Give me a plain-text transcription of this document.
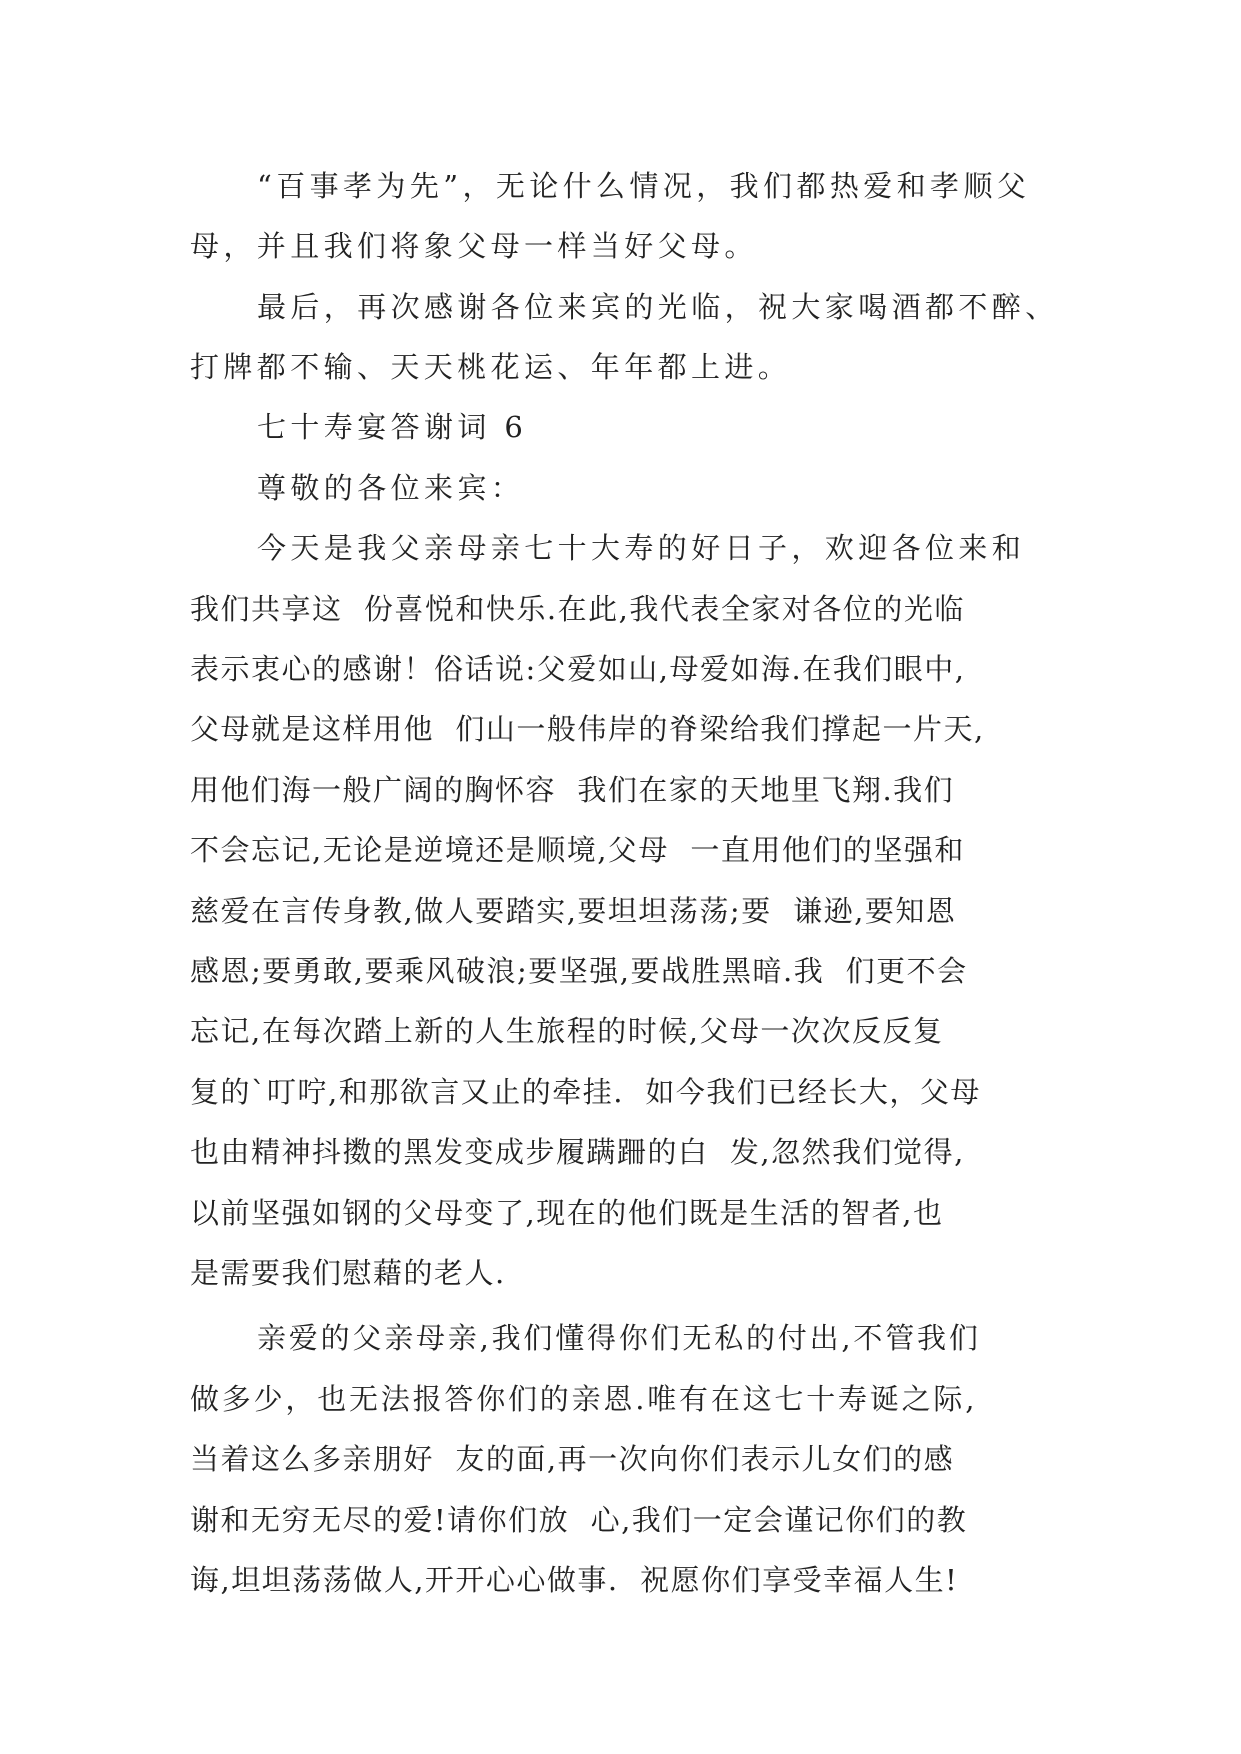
“百事孝为先”，无论什么情况，我们都热爱和孝顺父
母，并且我们将象父母一样当好父母。
最后，再次感谢各位来宾的光临，祝大家喝酒都不醉、
打牌都不输、天天桃花运、年年都上进。
七十寿宴答谢词 6
尊敬的各位来宾：
今天是我父亲母亲七十大寿的好日子，欢迎各位来和
我们共享这  份喜悦和快乐.在此,我代表全家对各位的光临
表示衷心的感谢！俗话说:父爱如山,母爱如海.在我们眼中,
父母就是这样用他  们山一般伟岸的脊梁给我们撑起一片天,
用他们海一般广阔的胸怀容  我们在家的天地里飞翔.我们
不会忘记,无论是逆境还是顺境,父母  一直用他们的坚强和
慈爱在言传身教,做人要踏实,要坦坦荡荡;要  谦逊,要知恩
感恩;要勇敢,要乘风破浪;要坚强,要战胜黑暗.我  们更不会
忘记,在每次踏上新的人生旅程的时候,父母一次次反反复
复的`叮咛,和那欲言又止的牵挂.  如今我们已经长大，父母
也由精神抖擞的黑发变成步履蹒跚的白  发,忽然我们觉得,
以前坚强如钢的父母变了,现在的他们既是生活的智者,也
是需要我们慰藉的老人.
亲爱的父亲母亲,我们懂得你们无私的付出,不管我们
做多少，也无法报答你们的亲恩.唯有在这七十寿诞之际,
当着这么多亲朋好  友的面,再一次向你们表示儿女们的感
谢和无穷无尽的爱!请你们放  心,我们一定会谨记你们的教
诲,坦坦荡荡做人,开开心心做事.  祝愿你们享受幸福人生!
